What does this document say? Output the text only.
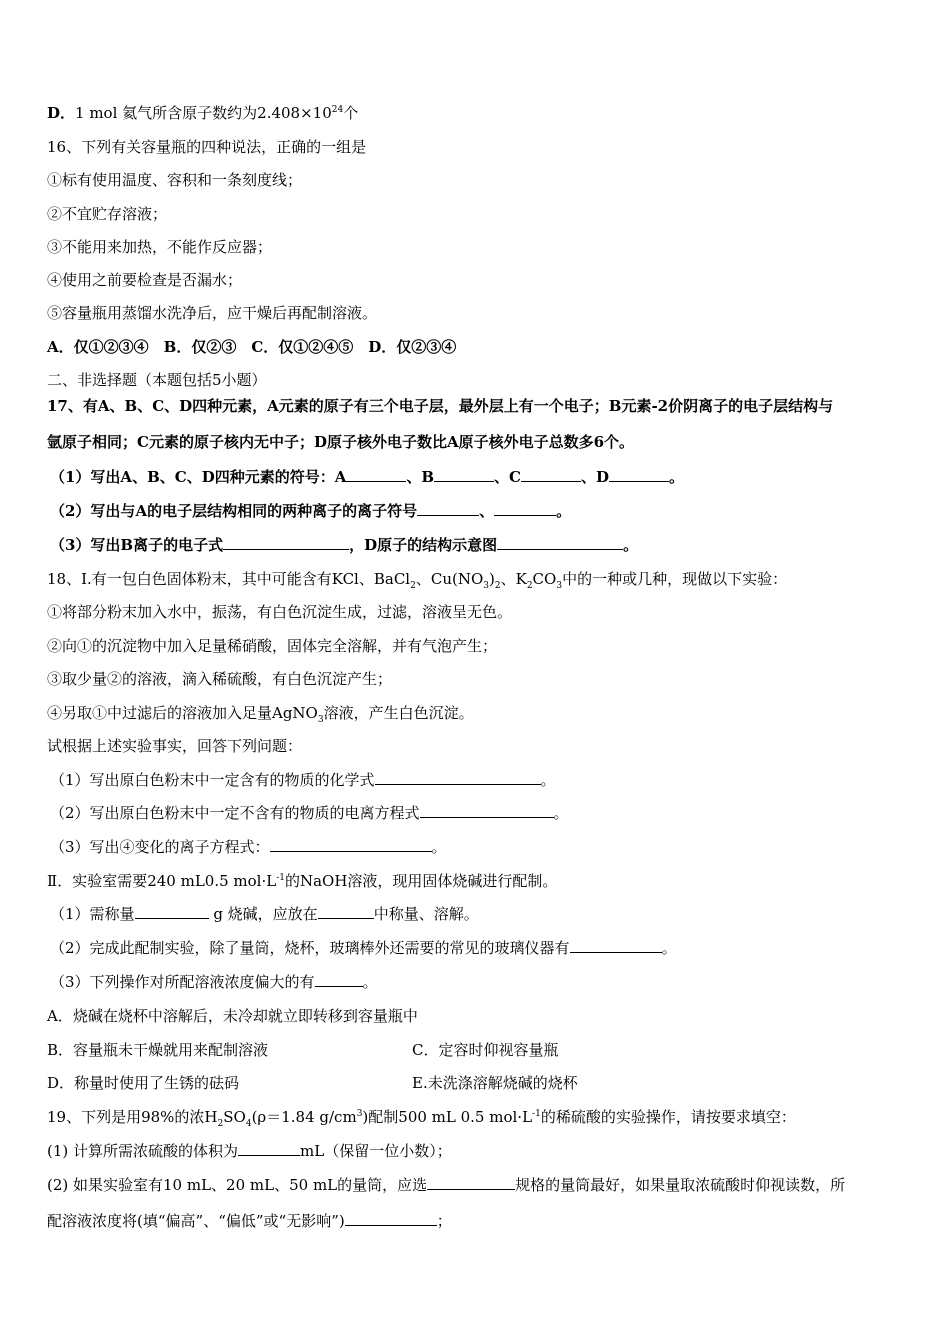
D．1 mol 氦气所含原子数约为$2.408\times 10^{24}$个
16、下列有关容量瓶的四种说法，正确的一组是
①标有使用温度、容积和一条刻度线；
②不宜贮存溶液；
③不能用来加热，不能作反应器；
④使用之前要检查是否漏水；
⑤容量瓶用蒸馏水洗净后，应干燥后再配制溶液。
A．仅①②③④　B．仅②③　C．仅①②④⑤　D．仅②③④
二、非选择题（本题包括5小题）
17、有A、B、C、D四种元素，A元素的原子有三个电子层，最外层上有一个电子；B元素-2价阴离子的电子层结构与
氩原子相同；C元素的原子核内无中子；D原子核外电子数比A原子核外电子总数多6个。
（1）写出A、B、C、D四种元素的符号：A	、B	、C	、D	。
（2）写出与A的电子层结构相同的两种离子的离子符号	、	。
（3）写出B离子的电子式	，D原子的结构示意图	。
18、Ⅰ.有一包白色固体粉末，其中可能含有KCl、BaCl$_2$、$Cu(NO_3)_2$、$K_2CO_3$中的一种或几种，现做以下实验：
①将部分粉末加入水中，振荡，有白色沉淀生成，过滤，溶液呈无色。
②向①的沉淀物中加入足量稀硝酸，固体完全溶解，并有气泡产生；
③取少量②的溶液，滴入稀硫酸，有白色沉淀产生；
④另取①中过滤后的溶液加入足量AgNO$_3$溶液，产生白色沉淀。
试根据上述实验事实，回答下列问题：
（1）写出原白色粉末中一定含有的物质的化学式	。
（2）写出原白色粉末中一定不含有的物质的电离方程式	。
（3）写出④变化的离子方程式：	。
Ⅱ．实验室需要240 mL0.5 $mol\cdot L^{-1}$的NaOH溶液，现用固体烧碱进行配制。
（1）需称量	g 烧碱，应放在	中称量、溶解。
（2）完成此配制实验，除了量筒，烧杯，玻璃棒外还需要的常见的玻璃仪器有	。
（3）下列操作对所配溶液浓度偏大的有	。
A．烧碱在烧杯中溶解后，未冷却就立即转移到容量瓶中
B．容量瓶未干燥就用来配制溶液	C．定容时仰视容量瓶
D．称量时使用了生锈的砝码	E.未洗涤溶解烧碱的烧杯
19、下列是用98%的浓$H_2SO_4(\rho=1.84$ $g/cm^3$)配制500 mL 0.5 $mol\cdot L^{-1}$的稀硫酸的实验操作，请按要求填空：
(1) 计算所需浓硫酸的体积为	mL（保留一位小数）；
(2) 如果实验室有10 mL、20 mL、50 mL的量筒，应选	规格的量筒最好，如果量取浓硫酸时仰视读数，所
配溶液浓度将(填“偏高”、“偏低”或“无影响”)	；
